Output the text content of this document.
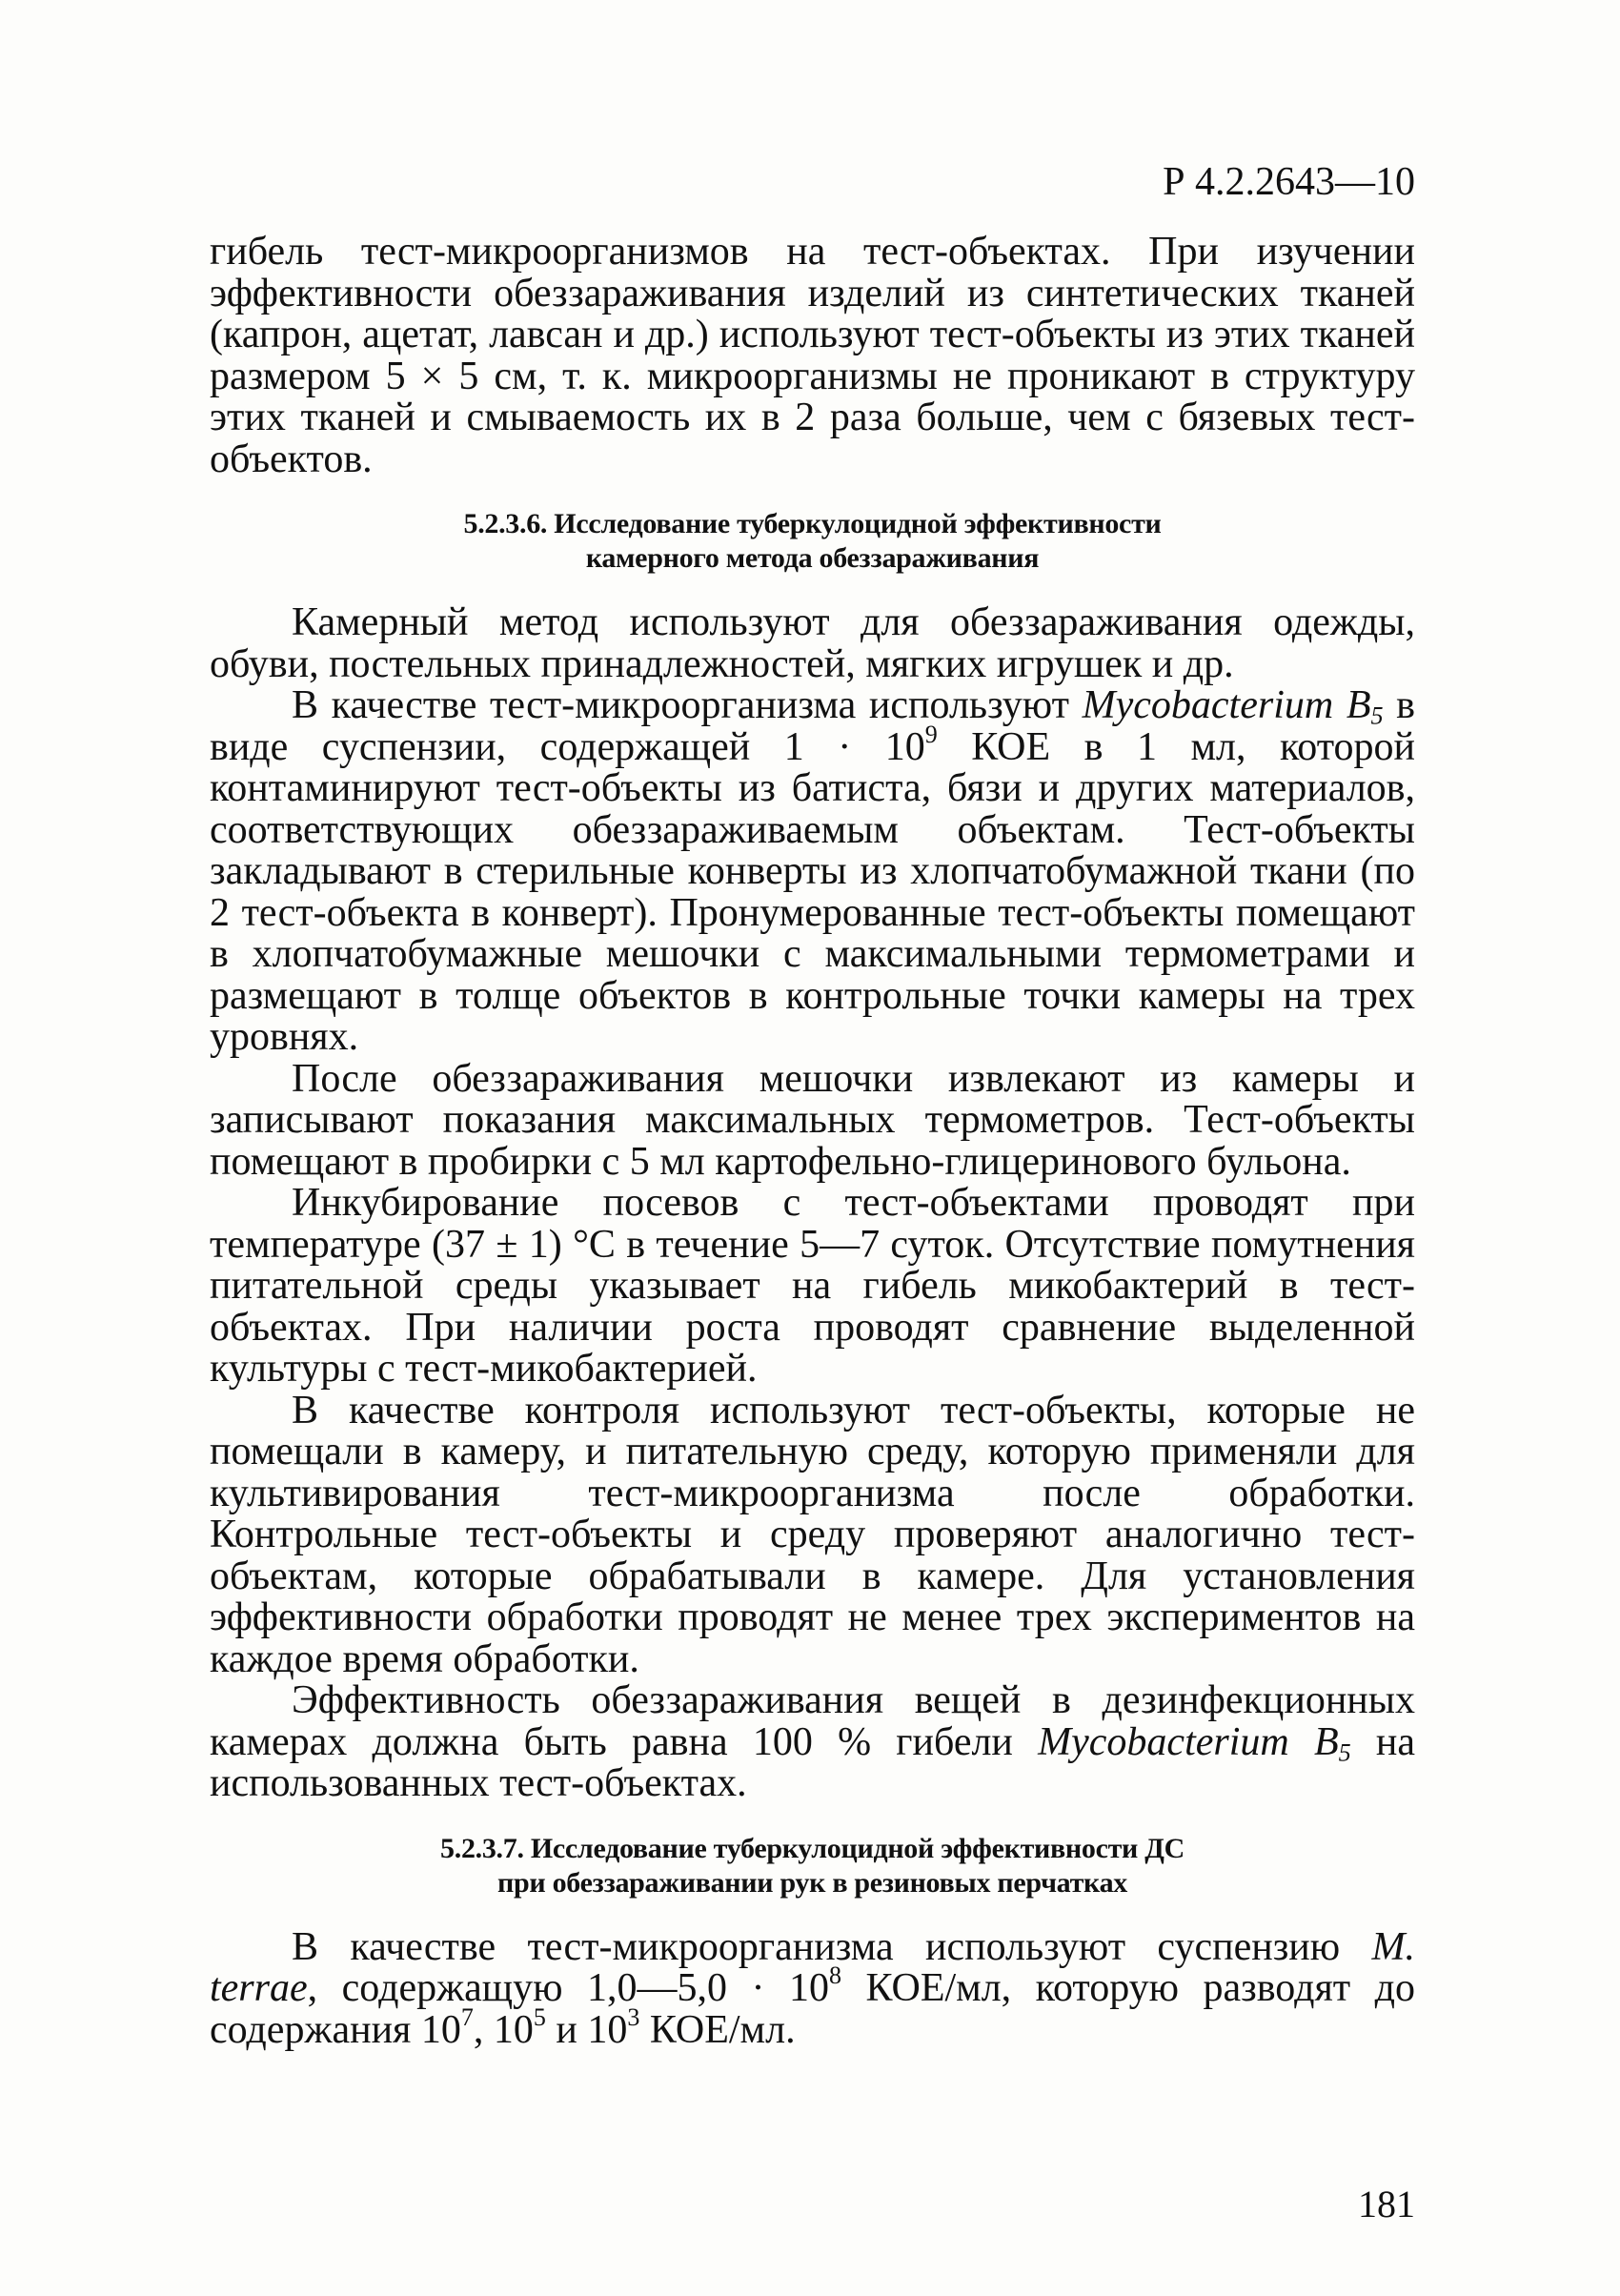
Р 4.2.2643—10

гибель тест-микроорганизмов на тест-объектах. При изучении эффективности обеззараживания изделий из синтетических тканей (капрон, ацетат, лавсан и др.) используют тест-объекты из этих тканей размером 5 × 5 см, т. к. микроорганизмы не проникают в структуру этих тканей и смываемость их в 2 раза больше, чем с бязевых тест-объектов.

5.2.3.6. Исследование туберкулоцидной эффективности
камерного метода обеззараживания

Камерный метод используют для обеззараживания одежды, обуви, постельных принадлежностей, мягких игрушек и др.

В качестве тест-микроорганизма используют Mycobacterium $B_5$ в виде суспензии, содержащей $1 \cdot 10^9$ КОЕ в 1 мл, которой контаминируют тест-объекты из батиста, бязи и других материалов, соответствующих обеззараживаемым объектам. Тест-объекты закладывают в стерильные конверты из хлопчатобумажной ткани (по 2 тест-объекта в конверт). Пронумерованные тест-объекты помещают в хлопчатобумажные мешочки с максимальными термометрами и размещают в толще объектов в контрольные точки камеры на трех уровнях.

После обеззараживания мешочки извлекают из камеры и записывают показания максимальных термометров. Тест-объекты помещают в пробирки с 5 мл картофельно-глицеринового бульона.

Инкубирование посевов с тест-объектами проводят при температуре (37 ± 1) °С в течение 5—7 суток. Отсутствие помутнения питательной среды указывает на гибель микобактерий в тест-объектах. При наличии роста проводят сравнение выделенной культуры с тест-микобактерией.

В качестве контроля используют тест-объекты, которые не помещали в камеру, и питательную среду, которую применяли для культивирования тест-микроорганизма после обработки. Контрольные тест-объекты и среду проверяют аналогично тест-объектам, которые обрабатывали в камере. Для установления эффективности обработки проводят не менее трех экспериментов на каждое время обработки.

Эффективность обеззараживания вещей в дезинфекционных камерах должна быть равна 100 % гибели Mycobacterium $B_5$ на использованных тест-объектах.

5.2.3.7. Исследование туберкулоцидной эффективности ДС
при обеззараживании рук в резиновых перчатках

В качестве тест-микроорганизма используют суспензию M. terrae, содержащую 1,0—5,0 · $10^8$ КОЕ/мл, которую разводят до содержания $10^7$, $10^5$ и $10^3$ КОЕ/мл.

181
